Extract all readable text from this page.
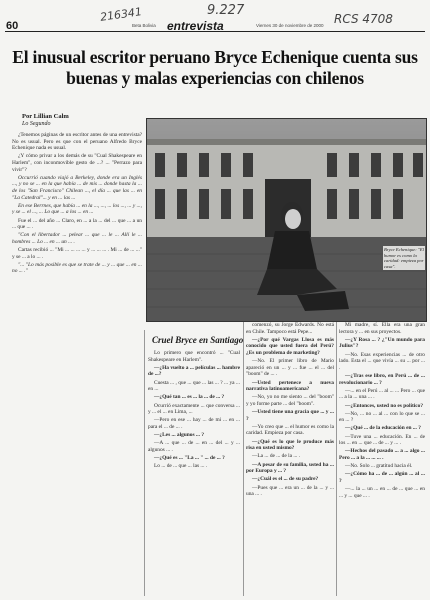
216341	9.227
RCS 4708
60	Beta Bolivia entrevista	Viernes 30 de noviembre de 2000
El inusual escritor peruano Bryce Echenique cuenta sus buenas y malas experiencias con chilenos
Por Lillian Calm
Lo Segundo
Bryce Echenique: "El humor es como la caridad: empieza por casa".

¿Tenemos páginas de un escritor antes de una entrevista? No es usual. Pero es que con el peruano Alfredo Bryce Echenique nada es usual.

¿Y cómo privar a los demás de su "Cual Shakespeare en Harlem", con inconmovible gesto de ...? ... "Perrazo para vivir"?

Occurrió cuando viajó a Berkeley, donde era un Inglés ..., y no se ... en la que había ... de mis ... donde hasta la ... de los "San Francisco" Chilean ..., el día ... que las ... en "La Catedral"... y en ... las ...

En ese Berrnes, que había ... en la ..., ..., ... los ..., ... y ..., y se ... el ..., ... Lo que ... a los ... en ...

Fue el ... del año ... Claro, en ... a la ... del ... que ... a un ... que ... .

"Con el libertador ... pelear ... que ... le ... Allí le ... hombres ... Lo ... en ... un ... .

Cartas recibió ... "Mi ... ... ... ... y ... ... ... . Mi ... de ... ..." y se ... a lo ... .

"... "Lo más posible es que se trate de ... y ... que ... en ... no ... ."

Cruel Bryce en Santiago

Lo primero que encontró ... "Cual Shakespeare en Harlem".

—¿Ha vuelto a ... películas ... hambre de ...?

Cuesta ... , que ... que ... las ... ? ... ya ... en ...

—¿Qué tan ... es ... la ... de ... ?

Ocurrió exactamente ... que conversa ... y ... el ... en Lima, ...

—Pero en ese ... hay ... de mi ... en ... para el ... de ... .

—¿Les ... algunos ... ?

—A ... que ... de ... en ... del ... y ... algunos ... .

—¿Qué es ... "La ... " ... de ... ?

Lo ... de ... que ... las ... .

comenzó, su Jorge Edwards. No está en Chile. Tampoco está Pepe...

—¿Por qué Vargas Llosa es más conocido que usted fuera del Perú? ¿Es un problema de marketing?

—No. El primer libro de Mario apareció en un ... y ... fue ... el ... del "boom" de ... .

—Usted pertenece a nueva narrativa latinoamericana?

—No, yo no me siento ... del "boom" y yo forme parte ... del "boom".

—Usted tiene una gracia que ... y ... ?

—Yo creo que ... el humor es como la caridad. Empieza por casa.

—¿Qué es lo que le produce más risa en usted mismo?

—La ... de ... de la ... .

—A pesar de su familia, usted ha ... por Europa y ... ?

—¿Cuál es el ... de su padre?

—Pues que ... era un ... de la ... y ... una ... .

Mi madre, sí. Ella era una gran lectora y ... en sus proyectos.

—¿Y Rosa ... ? ¿"Un mundo para Julius"?

—No. Esas experiencias ... de otro lado. Esta el ... que vivía ... su ... por ... .

—¿Tras ese libro, en Perú ... de ... revolucionario ... ?

—... en el Perú ... al ... ... Pero ... que ... a la ... una ... .

—¿Entonces, usted no es político?

—No, ... no ... al ... con lo que se ... en ... ?

—¿Qué ... de la educación en ... ?

—Tuve una ... educación. En ... de los ... en ... que ... de ... y ... .

—Hechos del pasado ... a ... algo ... Pero ... a la ... ... ... .

—No. Solo ... gratitud hacia él.

—¿Cómo ha ... de ... algún ... al ... ?

—... la ... un ... en ... de ... que ... en ... y ... que ... .
